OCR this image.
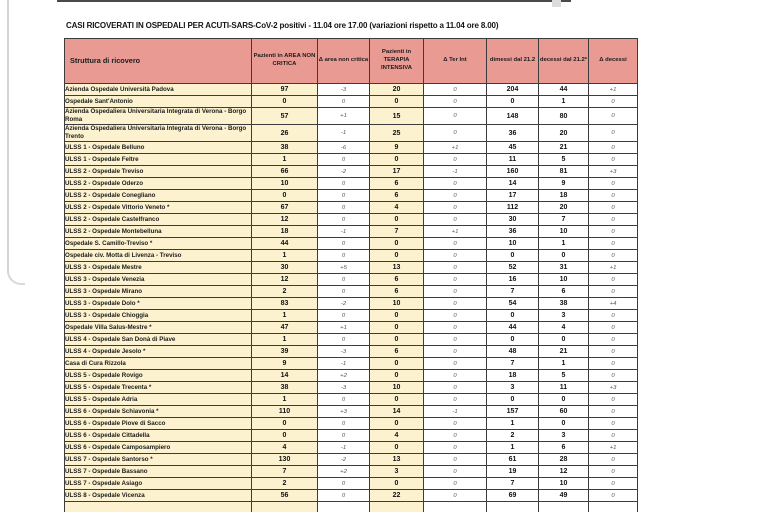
CASI RICOVERATI IN OSPEDALI PER ACUTI-SARS-CoV-2 positivi - 11.04 ore 17.00 (variazioni rispetto a 11.04 ore 8.00)
Struttura di ricovero	Pazienti in AREA NON CRITICA	Δ area non critica	Pazienti in TERAPIA INTENSIVA	Δ Ter Int	dimessi dal 21.2	decessi dal 21.2*	Δ decessi
Azienda Ospedale Università Padova	97	-3	20	0	204	44	+1
Ospedale Sant'Antonio	0	0	0	0	0	1	0
Azienda Ospedaliera Universitaria Integrata di Verona - Borgo Roma	57	+1	15	0	148	80	0
Azienda Ospedaliera Universitaria Integrata di Verona - Borgo Trento	26	-1	25	0	36	20	0
ULSS 1 - Ospedale Belluno	38	-6	9	+1	45	21	0
ULSS 1 - Ospedale Feltre	1	0	0	0	11	5	0
ULSS 2 - Ospedale Treviso	66	-2	17	-1	160	81	+3
ULSS 2 - Ospedale Oderzo	10	0	6	0	14	9	0
ULSS 2 - Ospedale Conegliano	0	0	6	0	17	18	0
ULSS 2 - Ospedale Vittorio Veneto *	67	0	4	0	112	20	0
ULSS 2 - Ospedale Castelfranco	12	0	0	0	30	7	0
ULSS 2 - Ospedale Montebelluna	18	-1	7	+1	36	10	0
Ospedale S. Camillo-Treviso *	44	0	0	0	10	1	0
Ospedale civ. Motta di Livenza - Treviso	1	0	0	0	0	0	0
ULSS 3 - Ospedale Mestre	30	+5	13	0	52	31	+1
ULSS 3 - Ospedale Venezia	12	0	6	0	16	10	0
ULSS 3 - Ospedale Mirano	2	0	6	0	7	6	0
ULSS 3 - Ospedale Dolo *	83	-2	10	0	54	38	+4
ULSS 3 - Ospedale Chioggia	1	0	0	0	0	3	0
Ospedale Villa Salus-Mestre *	47	+1	0	0	44	4	0
ULSS 4 - Ospedale San Donà di Piave	1	0	0	0	0	0	0
ULSS 4 - Ospedale Jesolo *	39	-3	6	0	48	21	0
Casa di Cura Rizzola	9	-1	0	0	7	1	0
ULSS 5 - Ospedale Rovigo	14	+2	0	0	18	5	0
ULSS 5 - Ospedale Trecenta *	38	-3	10	0	3	11	+3
ULSS 5 - Ospedale Adria	1	0	0	0	0	0	0
ULSS 6 - Ospedale Schiavonia *	110	+3	14	-1	157	60	0
ULSS 6 - Ospedale Piove di Sacco	0	0	0	0	1	0	0
ULSS 6 - Ospedale Cittadella	0	0	4	0	2	3	0
ULSS 6 - Ospedale Camposampiero	4	-1	0	0	1	6	+1
ULSS 7 - Ospedale Santorso *	130	-2	13	0	61	28	0
ULSS 7 - Ospedale Bassano	7	+2	3	0	19	12	0
ULSS 7 - Ospedale Asiago	2	0	0	0	7	10	0
ULSS 8 - Ospedale Vicenza	56	0	22	0	69	49	0
